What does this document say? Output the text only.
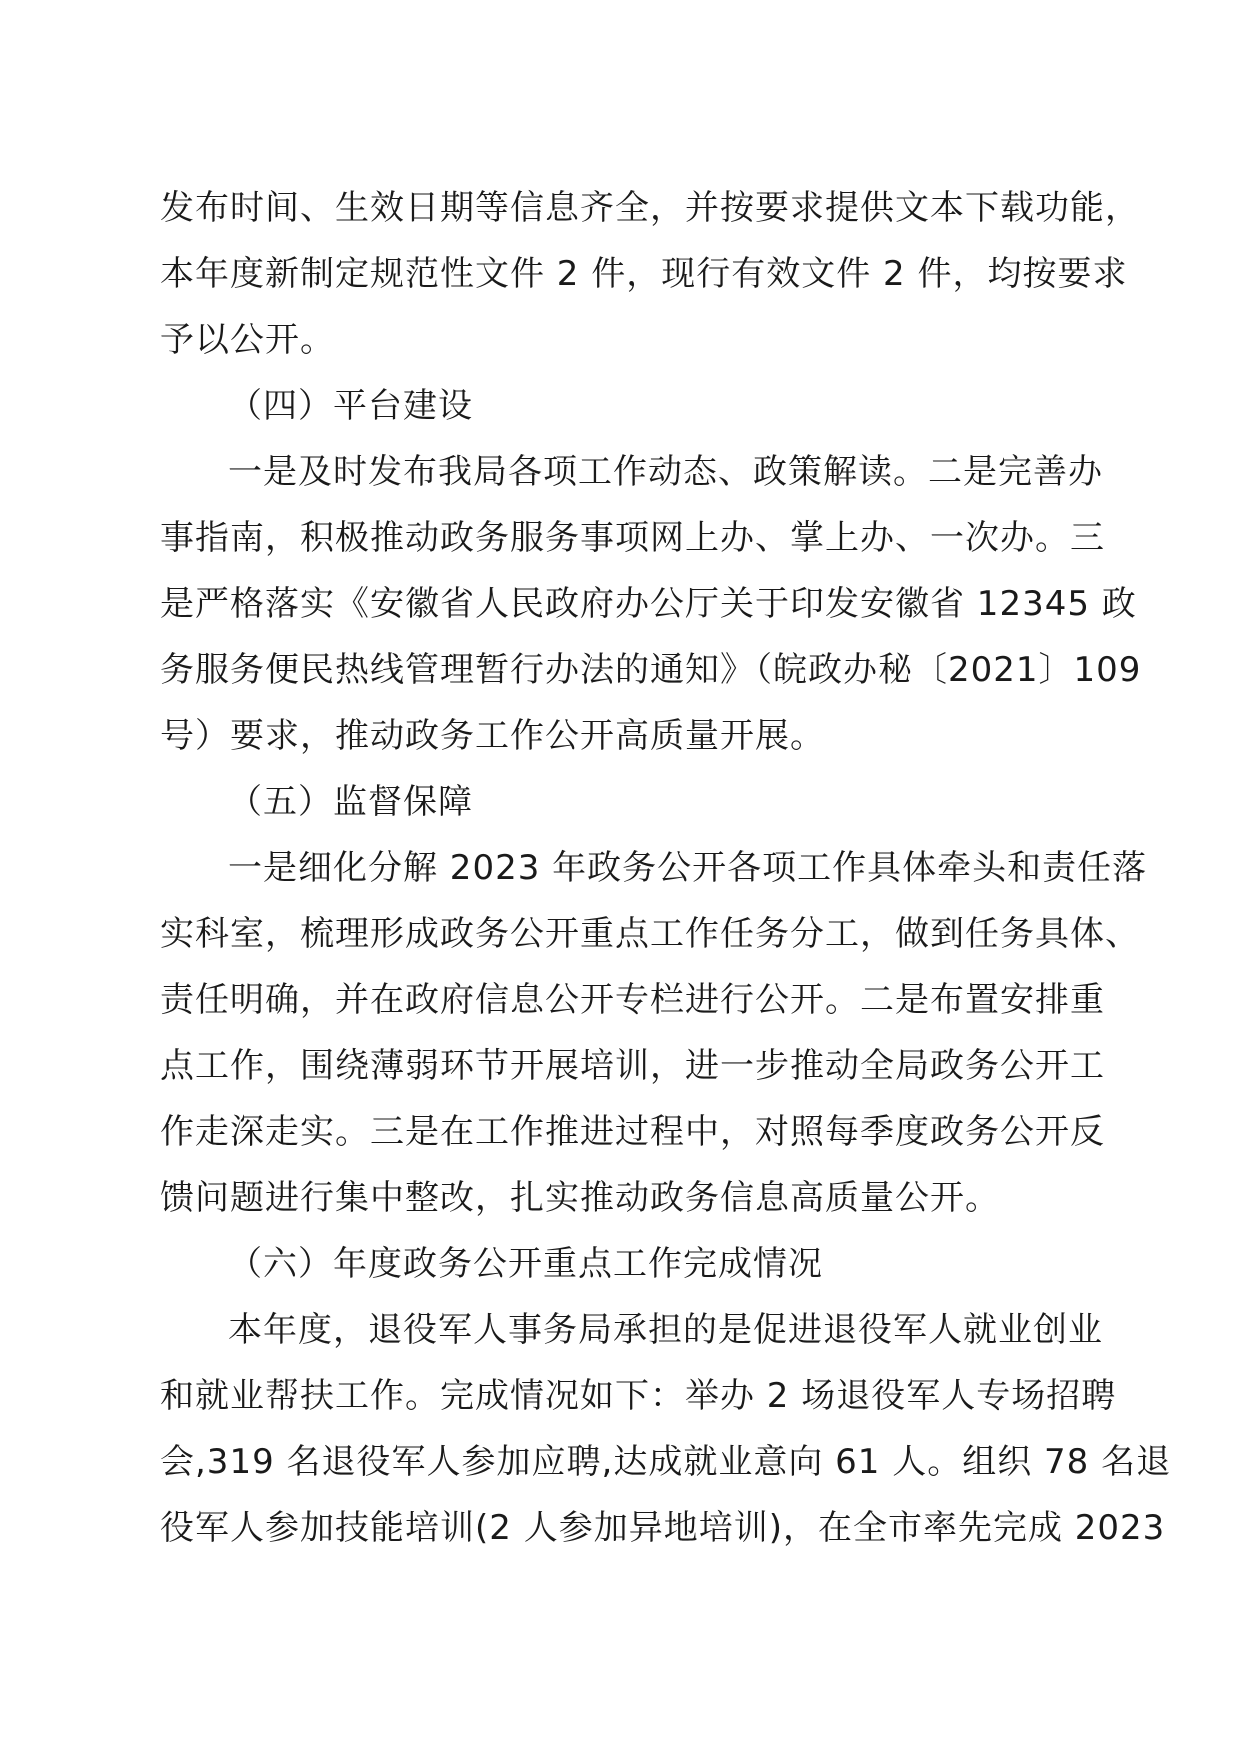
发布时间、生效日期等信息齐全，并按要求提供文本下载功能，
本年度新制定规范性文件 2 件，现行有效文件 2 件，均按要求
予以公开。
（四）平台建设
一是及时发布我局各项工作动态、政策解读。二是完善办
事指南，积极推动政务服务事项网上办、掌上办、一次办。三
是严格落实《安徽省人民政府办公厅关于印发安徽省 12345 政
务服务便民热线管理暂行办法的通知》（皖政办秘〔2021〕109
号）要求，推动政务工作公开高质量开展。
（五）监督保障
一是细化分解 2023 年政务公开各项工作具体牵头和责任落
实科室，梳理形成政务公开重点工作任务分工，做到任务具体、
责任明确，并在政府信息公开专栏进行公开。二是布置安排重
点工作，围绕薄弱环节开展培训，进一步推动全局政务公开工
作走深走实。三是在工作推进过程中，对照每季度政务公开反
馈问题进行集中整改，扎实推动政务信息高质量公开。
（六）年度政务公开重点工作完成情况
本年度，退役军人事务局承担的是促进退役军人就业创业
和就业帮扶工作。完成情况如下：举办 2 场退役军人专场招聘
会,319 名退役军人参加应聘,达成就业意向 61 人。组织 78 名退
役军人参加技能培训(2 人参加异地培训)，在全市率先完成 2023
